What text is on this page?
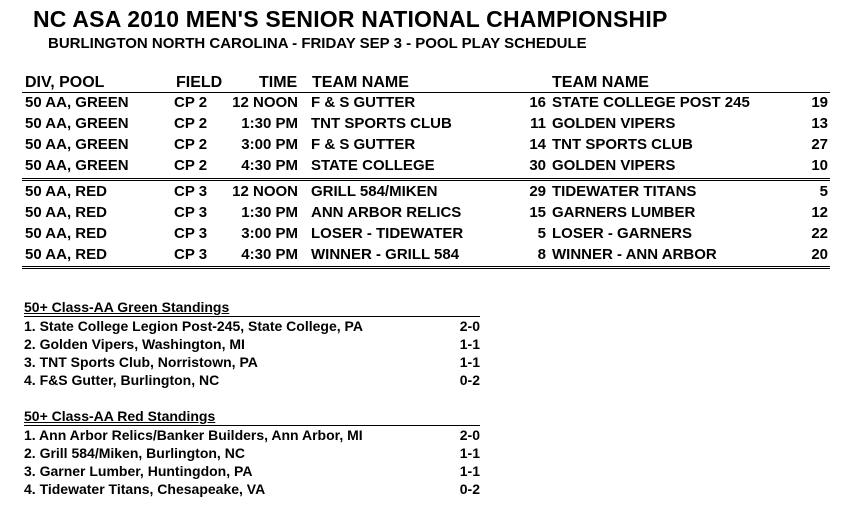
NC ASA 2010 MEN'S SENIOR NATIONAL CHAMPIONSHIP
BURLINGTON NORTH CAROLINA - FRIDAY SEP 3 - POOL PLAY SCHEDULE
DIV, POOL	FIELD TIME TEAM NAME	TEAM NAME
50 AA, GREEN	CP 2 12 NOON F & S GUTTER	16 STATE COLLEGE POST 245	19
50 AA, GREEN	CP 2 1:30 PM TNT SPORTS CLUB	11 GOLDEN VIPERS	13
50 AA, GREEN	CP 2 3:00 PM F & S GUTTER	14 TNT SPORTS CLUB	27
50 AA, GREEN	CP 2 4:30 PM STATE COLLEGE	30 GOLDEN VIPERS	10
50 AA, RED	CP 3 12 NOON GRILL 584/MIKEN	29 TIDEWATER TITANS	5
50 AA, RED	CP 3 1:30 PM ANN ARBOR RELICS	15 GARNERS LUMBER	12
50 AA, RED	CP 3 3:00 PM LOSER - TIDEWATER	5 LOSER - GARNERS	22
50 AA, RED	CP 3 4:30 PM WINNER - GRILL 584	8 WINNER - ANN ARBOR	20
50+ Class-AA Green Standings
1. State College Legion Post-245, State College, PA	2-0
2. Golden Vipers, Washington, MI	1-1
3. TNT Sports Club, Norristown, PA	1-1
4. F&S Gutter, Burlington, NC	0-2
50+ Class-AA Red Standings
1. Ann Arbor Relics/Banker Builders, Ann Arbor, MI	2-0
2. Grill 584/Miken, Burlington, NC	1-1
3. Garner Lumber, Huntingdon, PA	1-1
4. Tidewater Titans, Chesapeake, VA	0-2
